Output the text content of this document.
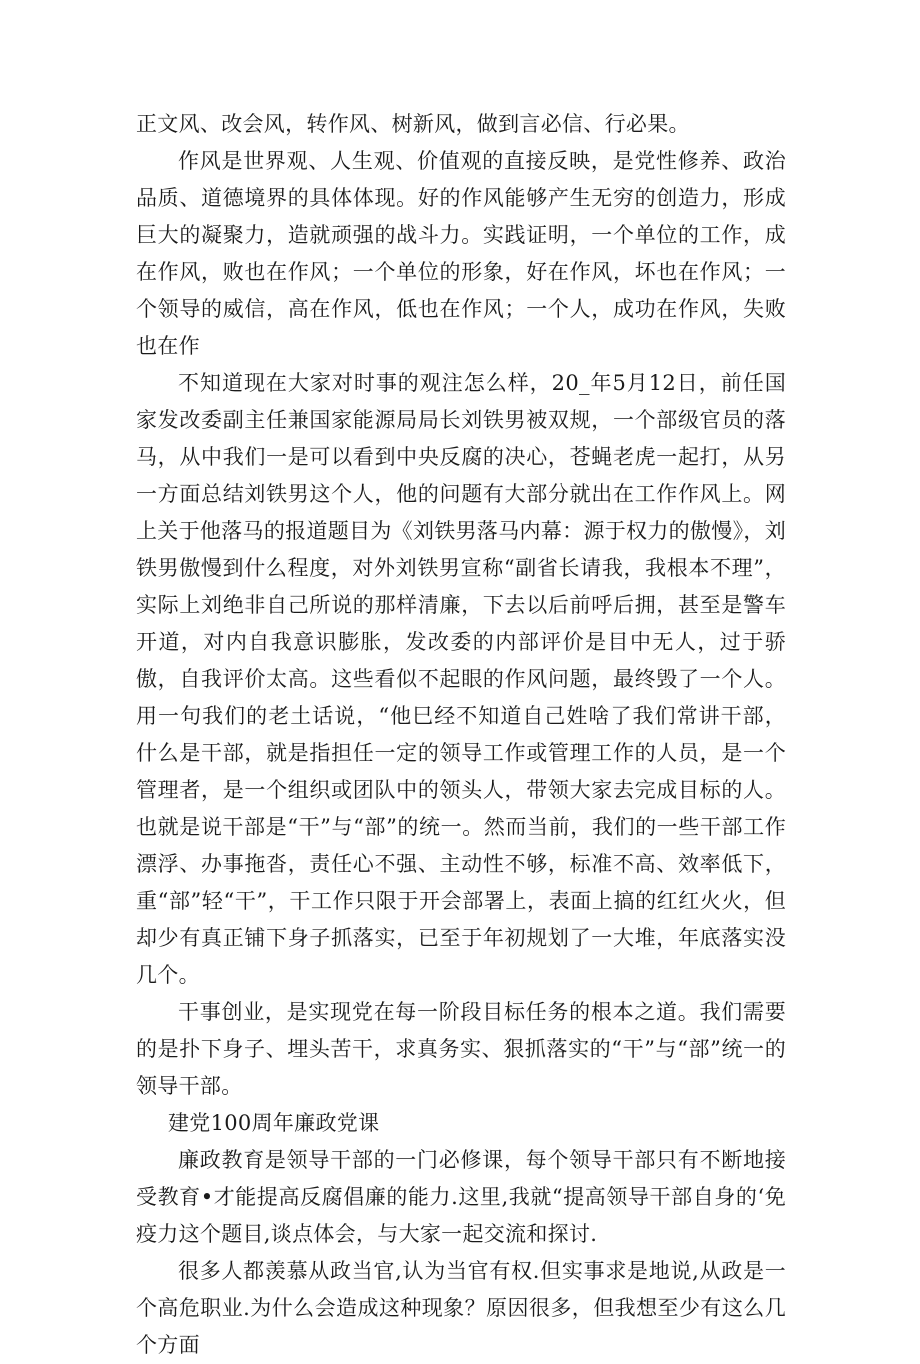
正文风、改会风，转作风、树新风，做到言必信、行必果。

作风是世界观、人生观、价值观的直接反映，是党性修养、政治品质、道德境界的具体体现。好的作风能够产生无穷的创造力，形成巨大的凝聚力，造就顽强的战斗力。实践证明，一个单位的工作，成在作风，败也在作风；一个单位的形象，好在作风，坏也在作风；一个领导的威信，高在作风，低也在作风；一个人，成功在作风，失败也在作

不知道现在大家对时事的观注怎么样，20_年5月12日，前任国家发改委副主任兼国家能源局局长刘铁男被双规，一个部级官员的落马，从中我们一是可以看到中央反腐的决心，苍蝇老虎一起打，从另一方面总结刘铁男这个人，他的问题有大部分就出在工作作风上。网上关于他落马的报道题目为《刘铁男落马内幕：源于权力的傲慢》，刘铁男傲慢到什么程度，对外刘铁男宣称“副省长请我，我根本不理”，实际上刘绝非自己所说的那样清廉，下去以后前呼后拥，甚至是警车开道，对内自我意识膨胀，发改委的内部评价是目中无人，过于骄傲，自我评价太高。这些看似不起眼的作风问题，最终毁了一个人。用一句我们的老土话说，“他巳经不知道自己姓啥了我们常讲干部，什么是干部，就是指担任一定的领导工作或管理工作的人员，是一个管理者，是一个组织或团队中的领头人，带领大家去完成目标的人。也就是说干部是“干”与“部”的统一。然而当前，我们的一些干部工作漂浮、办事拖沓，责任心不强、主动性不够，标准不高、效率低下，重“部”轻“干”，干工作只限于开会部署上，表面上搞的红红火火，但却少有真正铺下身子抓落实，已至于年初规划了一大堆，年底落实没几个。

干事创业，是实现党在每一阶段目标任务的根本之道。我们需要的是扑下身子、埋头苦干，求真务实、狠抓落实的“干”与“部”统一的领导干部。

建党100周年廉政党课

廉政教育是领导干部的一门必修课，每个领导干部只有不断地接受教育•才能提高反腐倡廉的能力.这里,我就“提高领导干部自身的‘免疫力这个题目,谈点体会，与大家一起交流和探讨.

很多人都羡慕从政当官,认为当官有权.但实事求是地说,从政是一个高危职业.为什么会造成这种现象？原因很多，但我想至少有这么几个方面
